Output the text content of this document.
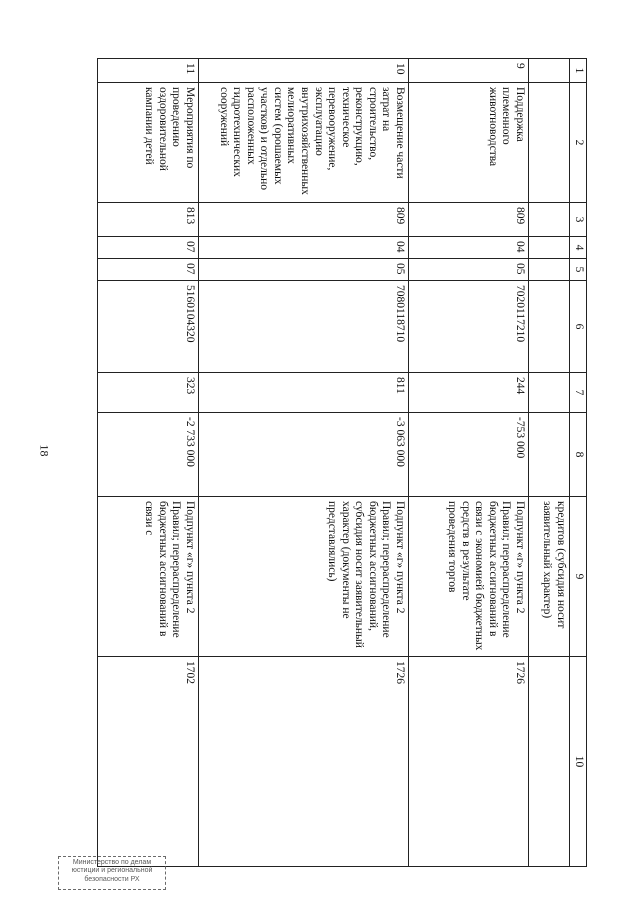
18
1	2	3	4	5	6	7	8	9	10
								кредитов (субсидия носит заявительный характер)	
9	Поддержка племенного животноводства	809	04	05	7020117210	244	-753 000	Подпункт «г» пункта 2 Правил; перераспределение бюджетных ассигнований в связи с экономией бюджетных средств в результате проведения торгов	1726
10	Возмещение части затрат на строительство, реконструкцию, техническое перевооружение, эксплуатацию внутрихозяйственных мелиоративных систем (орошаемых участков) и отдельно расположенных гидротехнических сооружений	809	04	05	7080118710	811	-3 063 000	Подпункт «г» пункта 2 Правил; перераспределение бюджетных ассигнований, субсидия носит заявительный характер (документы не представлялись)	1726
11	Мероприятия по проведению оздоровительной кампании детей	813	07	07	5160104320	323	-2 733 000	Подпункт «г» пункта 2 Правил; перераспределение бюджетных ассигнований в связи с	1702
Министерство по делам
юстиции и региональной
безопасности РХ
